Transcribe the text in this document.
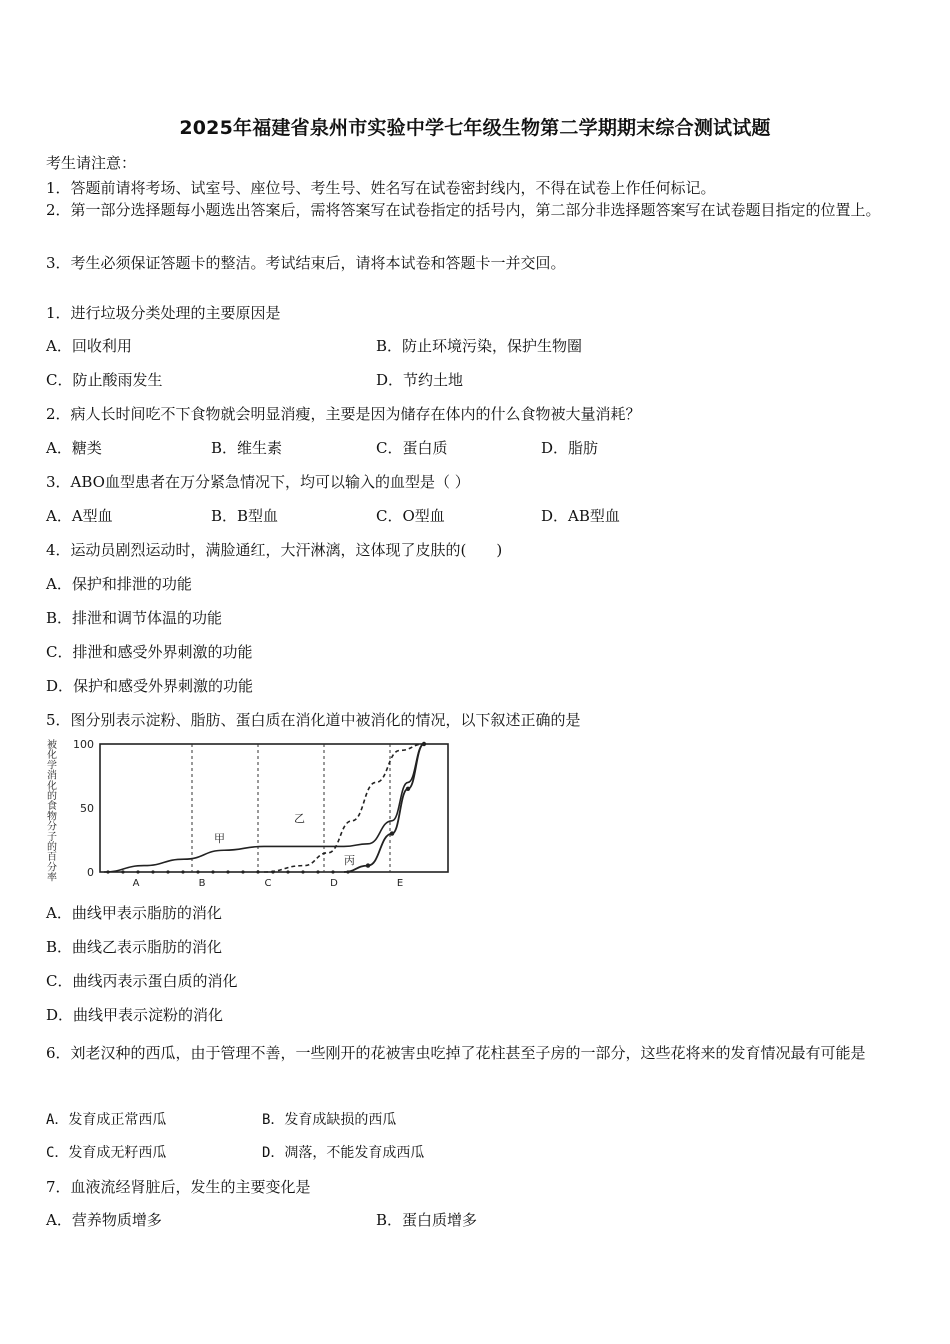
2025年福建省泉州市实验中学七年级生物第二学期期末综合测试试题
考生请注意：
1．答题前请将考场、试室号、座位号、考生号、姓名写在试卷密封线内，不得在试卷上作任何标记。
2．第一部分选择题每小题选出答案后，需将答案写在试卷指定的括号内，第二部分非选择题答案写在试卷题目指定的位置上。
3．考生必须保证答题卡的整洁。考试结束后，请将本试卷和答题卡一并交回。
1．进行垃圾分类处理的主要原因是
A．回收利用	B．防止环境污染，保护生物圈
C．防止酸雨发生	D．节约土地
2．病人长时间吃不下食物就会明显消瘦，主要是因为储存在体内的什么食物被大量消耗？
A．糖类	B．维生素	C．蛋白质	D．脂肪
3．ABO血型患者在万分紧急情况下，均可以输入的血型是（ ）
A．A型血	B．B型血	C．O型血	D．AB型血
4．运动员剧烈运动时，满脸通红，大汗淋漓，这体现了皮肤的(　　)
A．保护和排泄的功能
B．排泄和调节体温的功能
C．排泄和感受外界刺激的功能
D．保护和感受外界刺激的功能
5．图分别表示淀粉、脂肪、蛋白质在消化道中被消化的情况，以下叙述正确的是
被
化
学
消
化
的
食
物
分
子
的
百
分
率	0
50
100
A	B	C	D	E
甲
乙
丙
A．曲线甲表示脂肪的消化
B．曲线乙表示脂肪的消化
C．曲线丙表示蛋白质的消化
D．曲线甲表示淀粉的消化
6．刘老汉种的西瓜，由于管理不善，一些刚开的花被害虫吃掉了花柱甚至子房的一部分，这些花将来的发育情况最有可能是
A．发育成正常西瓜	B．发育成缺损的西瓜
C．发育成无籽西瓜	D．凋落，不能发育成西瓜
7．血液流经肾脏后，发生的主要变化是
A．营养物质增多	B．蛋白质增多
